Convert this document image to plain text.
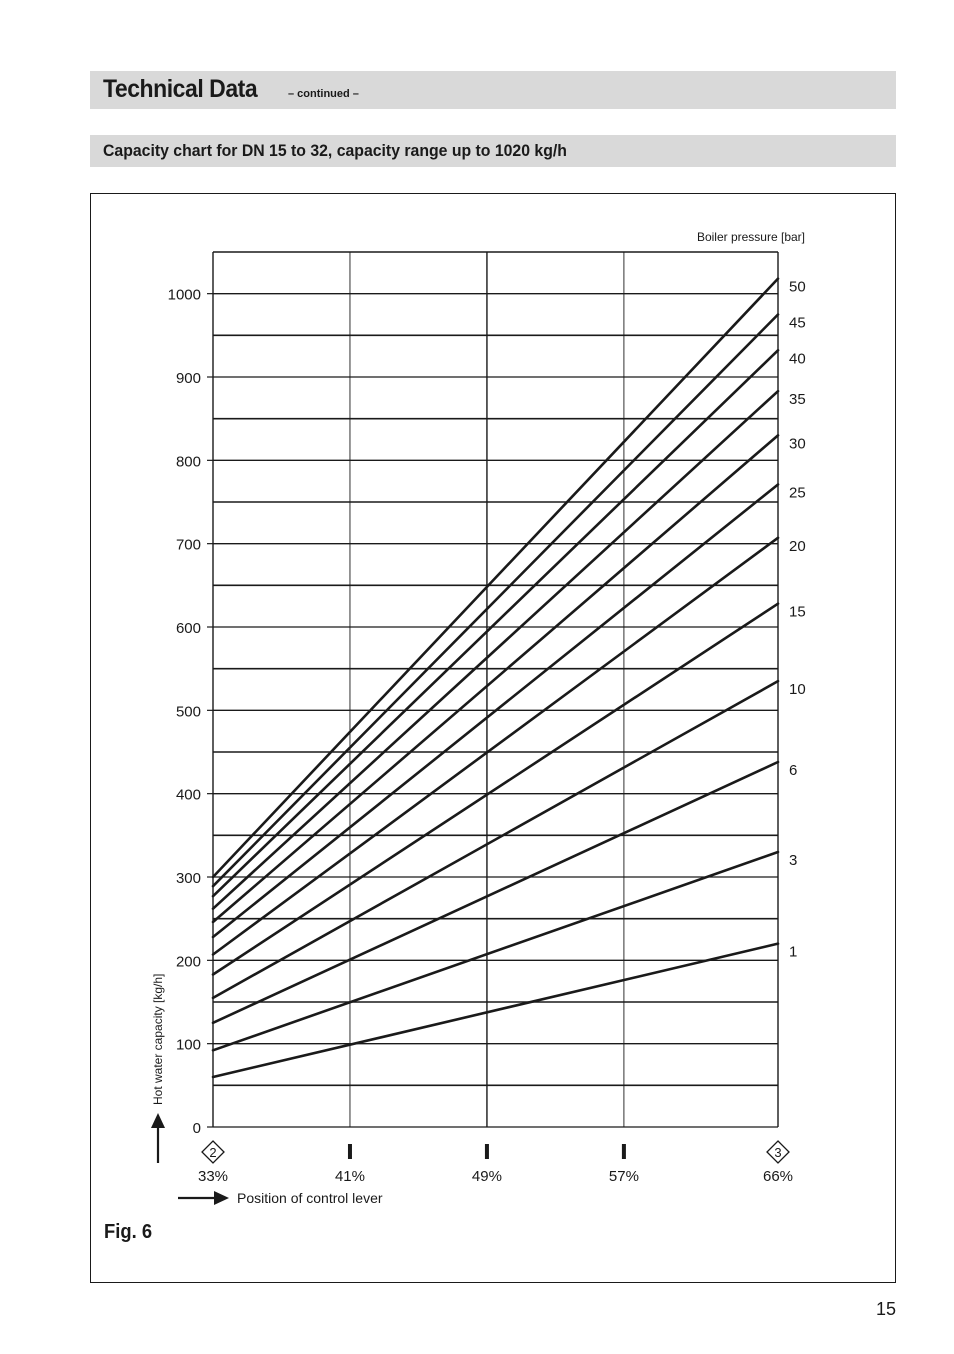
Technical Data	– continued –
Capacity chart for DN 15 to 32, capacity range up to 1020 kg/h
0
100
200
300
400
500
600
700
800
900
1000
1
3
6
10
15
20
25
30
35
40
45
50
Boiler pressure [bar]
2
33%	41%	49%	57%
3
66%
Position of control lever
Hot water capacity [kg/h]
Fig. 6
15
